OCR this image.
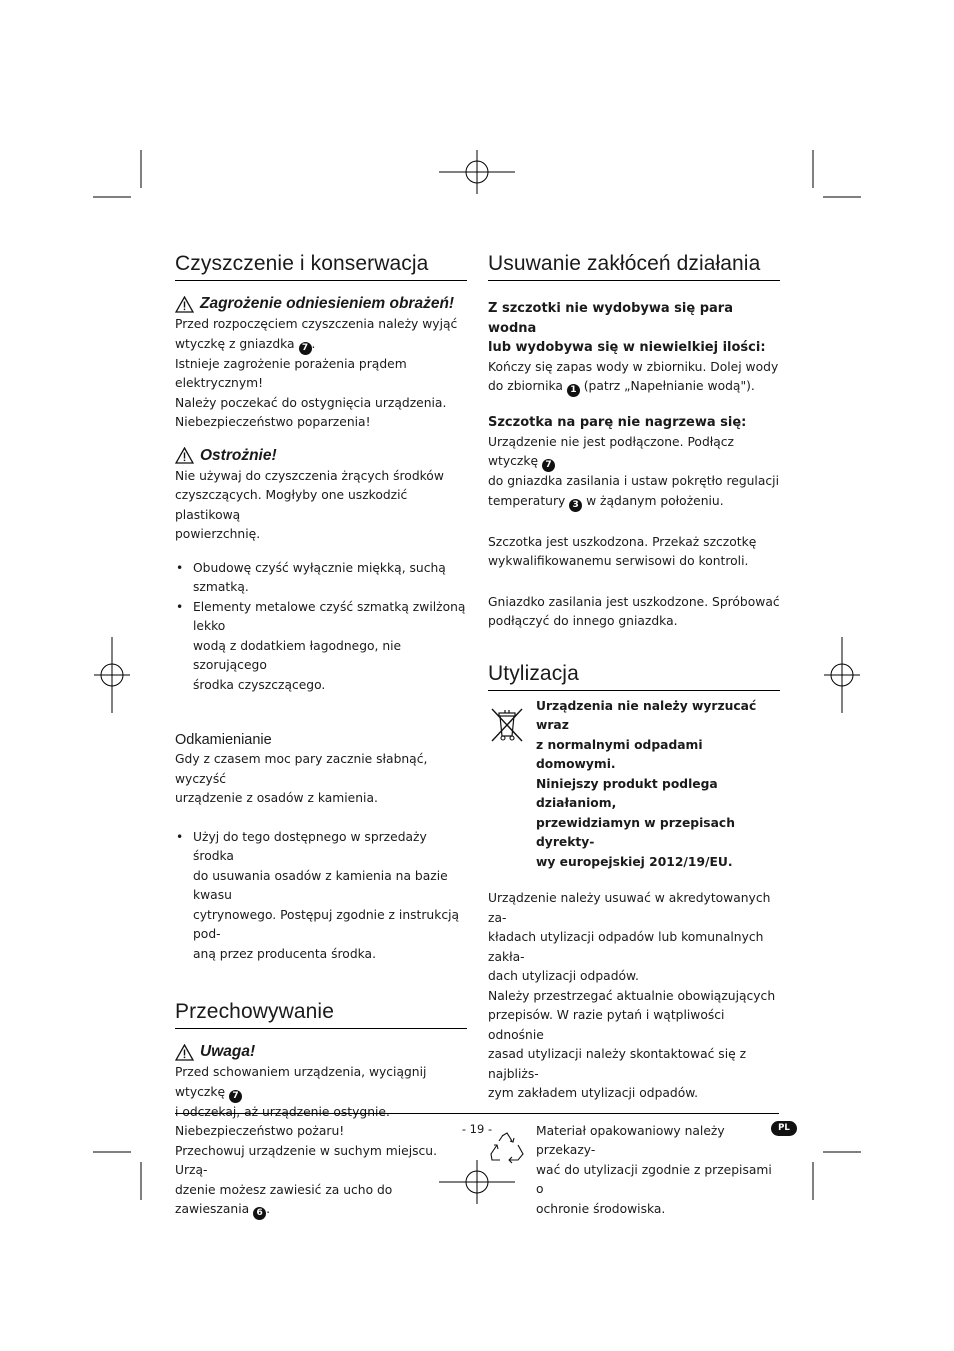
Czyszczenie i konserwacja
Zagrożenie odniesieniem obrażeń!

Przed rozpoczęciem czyszczenia należy wyjąć

wtyczkę z gniazdka 7 .

Istnieje zagrożenie porażenia prądem elektrycznym!

Należy poczekać do ostygnięcia urządzenia.

Niebezpieczeństwo poparzenia!

Ostrożnie!

Nie używaj do czyszczenia żrących środków

czyszczących. Mogłyby one uszkodzić plastikową

powierzchnię.

• Obudowę czyść wyłącznie miękką, suchą szmatką.
• Elementy metalowe czyść szmatką zwilżoną lekko
wodą z dodatkiem łagodnego, nie szorującego
środka czyszczącego.
Odkamienianie

Gdy z czasem moc pary zacznie słabnąć, wyczyść

urządzenie z osadów z kamienia.

• Użyj do tego dostępnego w sprzedaży środka
do usuwania osadów z kamienia na bazie kwasu
cytrynowego. Postępuj zgodnie z instrukcją pod-
aną przez producenta środka.
Przechowywanie
Uwaga!

Przed schowaniem urządzenia, wyciągnij wtyczkę 7

i odczekaj, aż urządzenie ostygnie.

Niebezpieczeństwo pożaru!

Przechowuj urządzenie w suchym miejscu. Urzą-

dzenie możesz zawiesić za ucho do zawieszania 6 .

Usuwanie zakłóceń działania

Z szczotki nie wydobywa się para wodna

lub wydobywa się w niewielkiej ilości:

Kończy się zapas wody w zbiorniku. Dolej wody

do zbiornika 1 (patrz „Napełnianie wodą").

Szczotka na parę nie nagrzewa się:

Urządzenie nie jest podłączone. Podłącz wtyczkę 7

do gniazdka zasilania i ustaw pokrętło regulacji

temperatury 3 w żądanym położeniu.

Szczotka jest uszkodzona. Przekaż szczotkę

wykwalifikowanemu serwisowi do kontroli.

Gniazdko zasilania jest uszkodzone. Spróbować

podłączyć do innego gniazdka.

Utylizacja

Urządzenia nie należy wyrzucać wraz

z normalnymi odpadami domowymi.

Niniejszy produkt podlega działaniom,

przewidziamyn w przepisach dyrekty-

wy europejskiej 2012/19/EU.

Urządzenie należy usuwać w akredytowanych za-

kładach utylizacji odpadów lub komunalnych zakła-

dach utylizacji odpadów.

Należy przestrzegać aktualnie obowiązujących

przepisów. W razie pytań i wątpliwości odnośnie

zasad utylizacji należy skontaktować się z najbliżs-

zym zakładem utylizacji odpadów.

Materiał opakowaniowy należy przekazy-

wać do utylizacji zgodnie z przepisami o

ochronie środowiska.

- 19 -	PL
